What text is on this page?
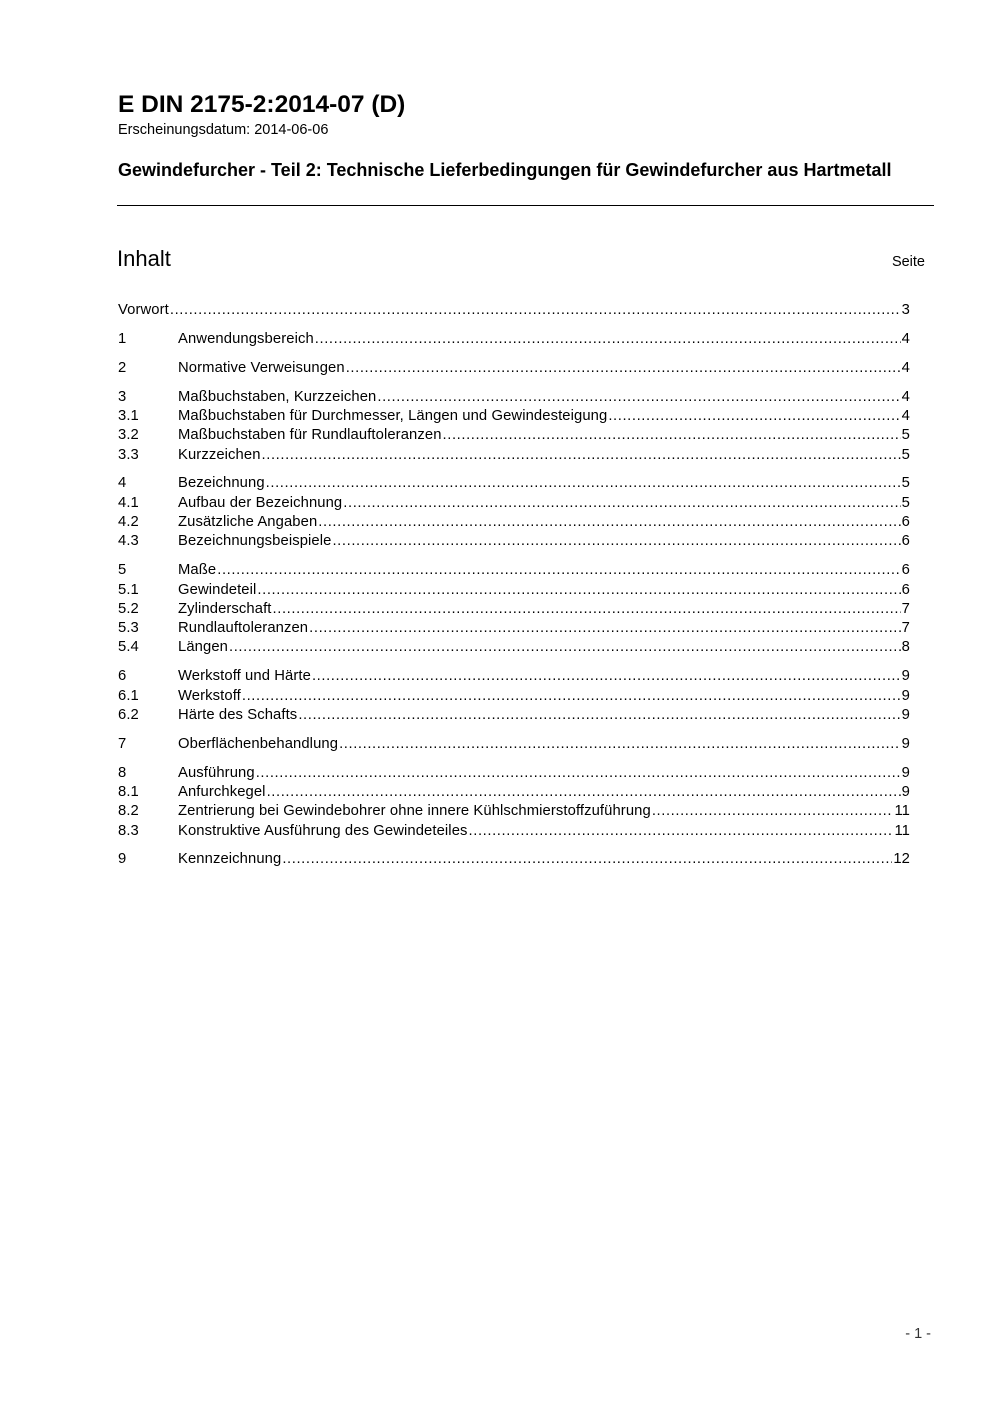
E DIN 2175-2:2014-07 (D)
Erscheinungsdatum: 2014-06-06
Gewindefurcher - Teil 2: Technische Lieferbedingungen für Gewindefurcher aus Hartmetall
Inhalt	Seite
Vorwort .....	3
1	Anwendungsbereich .....	4
2	Normative Verweisungen .....	4
3	Maßbuchstaben, Kurzzeichen .....	4
3.1	Maßbuchstaben für Durchmesser, Längen und Gewindesteigung .....	4
3.2	Maßbuchstaben für Rundlauftoleranzen .....	5
3.3	Kurzzeichen .....	5
4	Bezeichnung .....	5
4.1	Aufbau der Bezeichnung .....	5
4.2	Zusätzliche Angaben .....	6
4.3	Bezeichnungsbeispiele .....	6
5	Maße .....	6
5.1	Gewindeteil .....	6
5.2	Zylinderschaft .....	7
5.3	Rundlauftoleranzen .....	7
5.4	Längen .....	8
6	Werkstoff und Härte .....	9
6.1	Werkstoff .....	9
6.2	Härte des Schafts .....	9
7	Oberflächenbehandlung .....	9
8	Ausführung .....	9
8.1	Anfurchkegel .....	9
8.2	Zentrierung bei Gewindebohrer ohne innere Kühlschmierstoffzuführung .....	11
8.3	Konstruktive Ausführung des Gewindeteiles .....	11
9	Kennzeichnung .....	12
- 1 -
